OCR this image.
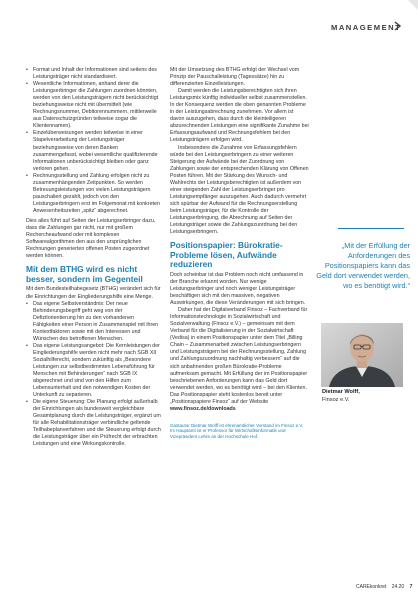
MANAGEMENT
• Format und Inhalt der Informationen sind seitens des Leistungsträger nicht standardisiert.
• Wesentliche Informationen, anhand derer die Leistungserbringer die Zahlungen zuordnen könnten, werden von den Leistungsträgern nicht berücksichtigt beziehungsweise nicht mit übermittelt (wie Rechnungsnummer, Debitorennummern, mittlerweile aus Datenschutzgründen teilweise sogar die Klientennamen).
• Einzelüberweisungen werden teilweise in einer Stapelverarbeitung der Leistungsträger beziehungsweise von deren Banken zusammengefasst, wobei wesentliche qualifizierende Informationen unberücksichtigt bleiben oder ganz verloren gehen.
• Rechnungsstellung und Zahlung erfolgen nicht zu zusammenhängenden Zeitpunkten. So werden Betreuungsleistungen von vielen Leistungsträgern pauschaliert gezahlt, jedoch von den Leistungserbringern erst im Folgemonat mit konkreten Anwesenheitszeiten „spitz“ abgerechnet.

Dies alles führt auf Seiten der Leistungserbringer dazu, dass die Zahlungen gar nicht, nur mit großem Rechercheaufwand oder mit komplexen Softwarealgorithmen den aus den ursprünglichen Rechnungen generierten offenen Posten zugeordnet werden können.

Mit dem BTHG wird es nicht besser, sondern im Gegenteil

Mit dem Bundesteilhabegesetz (BTHG) verändert sich für die Einrichtungen der Eingliederungshilfe eine Menge.

• Das eigene Selbstverständnis: Der neue Behinderungsbegriff geht weg von der Defizitorientierung hin zu den vorhandenen Fähigkeiten einer Person in Zusammenspiel mit ihren Kontextfaktoren sowie mit den Interessen und Wünschen des betroffenen Menschen.
• Das eigene Leistungsangebot: Die Kernleistungen der Eingliederungshilfe werden nicht mehr nach SGB XII Sozialhilferecht, sondern zukünftig als „Besondere Leistungen zur selbstbestimmten Lebensführung für Menschen mit Behinderungen“ nach SGB IX abgerechnet und sind von den Hilfen zum Lebensunterhalt und den notwendigen Kosten der Unterkunft zu separieren.
• Die eigene Steuerung: Die Planung erfolgt außerhalb der Einrichtungen als bundesweit vergleichbare Gesamtplanung durch die Leistungsträger, ergänzt um für alle Rehabilitationsträger verbindliche geltende Teilhabeplanverfahren und die Steuerung erfolgt durch die Leistungsträger über ein Prüfrecht der erbrachten Leistungen und eine Wirkungskontrolle.

Mit der Umsetzung des BTHG erfolgt der Wechsel vom Prinzip der Pauschalleistung (Tagessätze) hin zu differenzierten Einzelleistungen.

Damit werden die Leistungsberechtigten sich ihren Leistungsmix künftig individueller selbst zusammenstellen. In der Konsequenz werden die oben genannten Probleme in der Leistungsabrechnung zunehmen. Vor allem ist davon auszugehen, dass durch die kleinteiligeren abzurechnenden Leistungen eine signifikante Zunahme bei Erfassungsaufwand und Rechnungsfehlern bei den Leistungsträgern erfolgen wird.

Insbesondere die Zunahme von Erfassungsfehlern würde bei den Leistungserbringern zu einer weiteren Steigerung der Aufwände bei der Zuordnung von Zahlungen sowie der entsprechenden Klärung von Offenen Posten führen. Mit der Stärkung des Wunsch- und Wahlrechts der Leistungsberechtigten ist außerdem von einer steigenden Zahl der Leistungserbringer pro Leistungsempfänger auszugehen. Auch dadurch vermehrt sich spürbar der Aufwand für die Rechnungserstellung beim Leistungsträger, für die Kontrolle der Leistungserbringung, die Abrechnung auf Seiten der Leistungsträger sowie die Zahlungszuordnung bei den Leistungserbringern.

Positionspapier: Bürokratie-Probleme lösen, Aufwände reduzieren

Doch scheinbar ist das Problem noch nicht umfassend in der Branche erkannt worden. Nur wenige Leistungserbringer und noch weniger Leistungsträger beschäftigen sich mit den massiven, negativen Auswirkungen, die diese Veränderungen mit sich bringen.

Daher hat der Digitalverband Finsoz – Fachverband für Informationstechnologie in Sozialwirtschaft und Sozialverwaltung (Finsoz e.V.) – gemeinsam mit dem Verband für die Digitalisierung in der Sozialwirtschaft (Vedisa) in einem Positionspapier unter dem Titel „Billing Chain – Zusammenarbeit zwischen Leistungserbringern und Leistungsträgern bei der Rechnungsstellung, Zahlung und Zahlungszuordnung nachhaltig verbessern“ auf die sich anbahnenden großen Bürokratie-Probleme aufmerksam gemacht. Mit Erfüllung der im Positionspapier beschriebenen Anforderungen kann das Geld dort verwendet werden, wo es benötigt wird – bei den Klienten. Das Positionspapier steht kostenlos bereit unter „Positionspapiere Finsoz“ auf der Website www.finsoz.de/downloads

Gastautor Dietmar Wolff ist ehrenamtlicher Vorstand im Finsoz e.V. Im Hauptamt ist er Professor für Wirtschaftsinformatik und Vizepräsident Lehre an der Hochschule Hof.

„Mit der Erfüllung der Anforderungen des Positionspapiers kann das Geld dort verwendet werden, wo es benötigt wird.“
Dietmar Wolff,
Finsoz e.V.
CAREkonkret 24.20 7
